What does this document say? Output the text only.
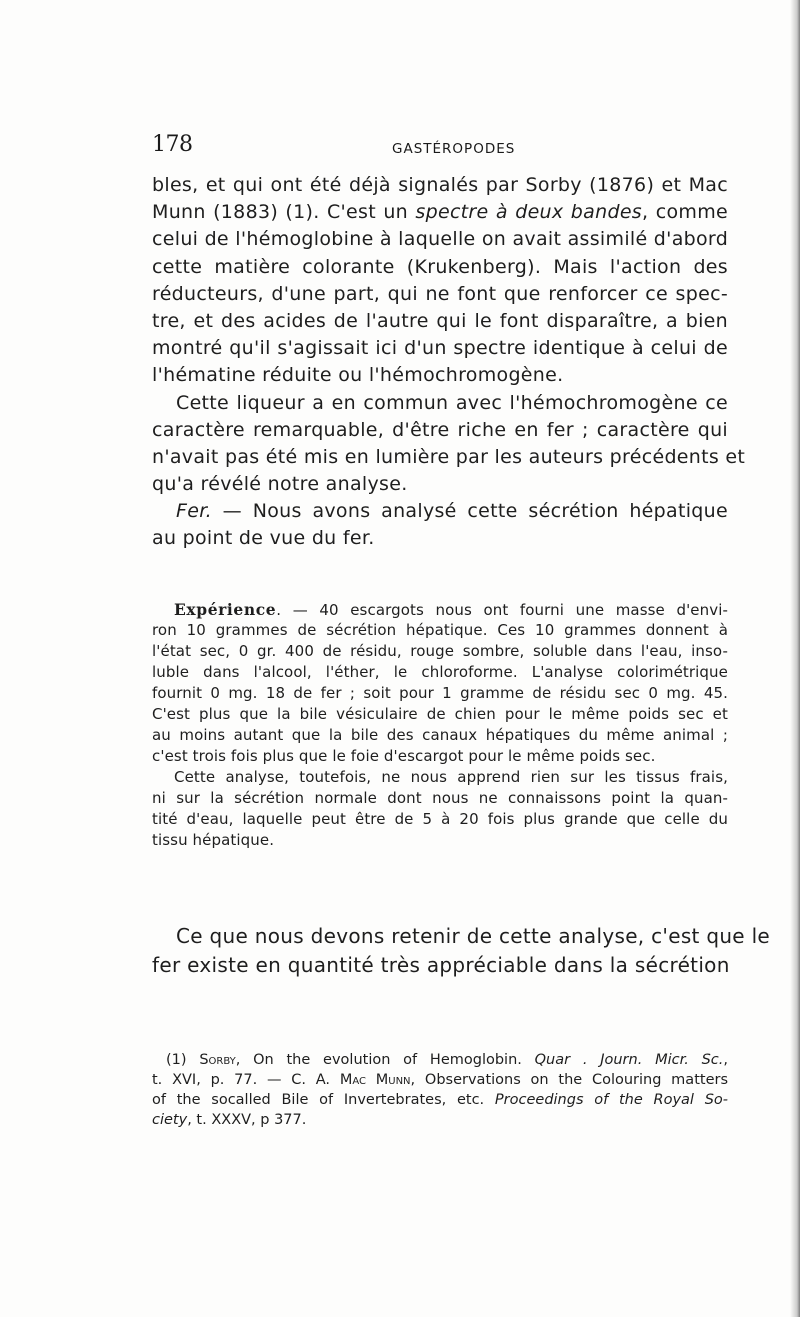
178	GASTÉROPODES
bles, et qui ont été déjà signalés par Sorby (1876) et Mac
Munn (1883) (1). C'est un spectre à deux bandes, comme
celui de l'hémoglobine à laquelle on avait assimilé d'abord
cette matière colorante (Krukenberg). Mais l'action des
réducteurs, d'une part, qui ne font que renforcer ce spec-
tre, et des acides de l'autre qui le font disparaître, a bien
montré qu'il s'agissait ici d'un spectre identique à celui de
l'hématine réduite ou l'hémochromogène.
Cette liqueur a en commun avec l'hémochromogène ce
caractère remarquable, d'être riche en fer ; caractère qui
n'avait pas été mis en lumière par les auteurs précédents et
qu'a révélé notre analyse.
Fer. — Nous avons analysé cette sécrétion hépatique
au point de vue du fer.
Expérience. — 40 escargots nous ont fourni une masse d'envi-
ron 10 grammes de sécrétion hépatique. Ces 10 grammes donnent à
l'état sec, 0 gr. 400 de résidu, rouge sombre, soluble dans l'eau, inso-
luble dans l'alcool, l'éther, le chloroforme. L'analyse colorimétrique
fournit 0 mg. 18 de fer ; soit pour 1 gramme de résidu sec 0 mg. 45.
C'est plus que la bile vésiculaire de chien pour le même poids sec et
au moins autant que la bile des canaux hépatiques du même animal ;
c'est trois fois plus que le foie d'escargot pour le même poids sec.
Cette analyse, toutefois, ne nous apprend rien sur les tissus frais,
ni sur la sécrétion normale dont nous ne connaissons point la quan-
tité d'eau, laquelle peut être de 5 à 20 fois plus grande que celle du
tissu hépatique.
Ce que nous devons retenir de cette analyse, c'est que le
fer existe en quantité très appréciable dans la sécrétion
(1) Sorby, On the evolution of Hemoglobin. Quar . Journ. Micr. Sc.,
t. XVI, p. 77. — C. A. Mac Munn, Observations on the Colouring matters
of the socalled Bile of Invertebrates, etc. Proceedings of the Royal So-
ciety, t. XXXV, p 377.
